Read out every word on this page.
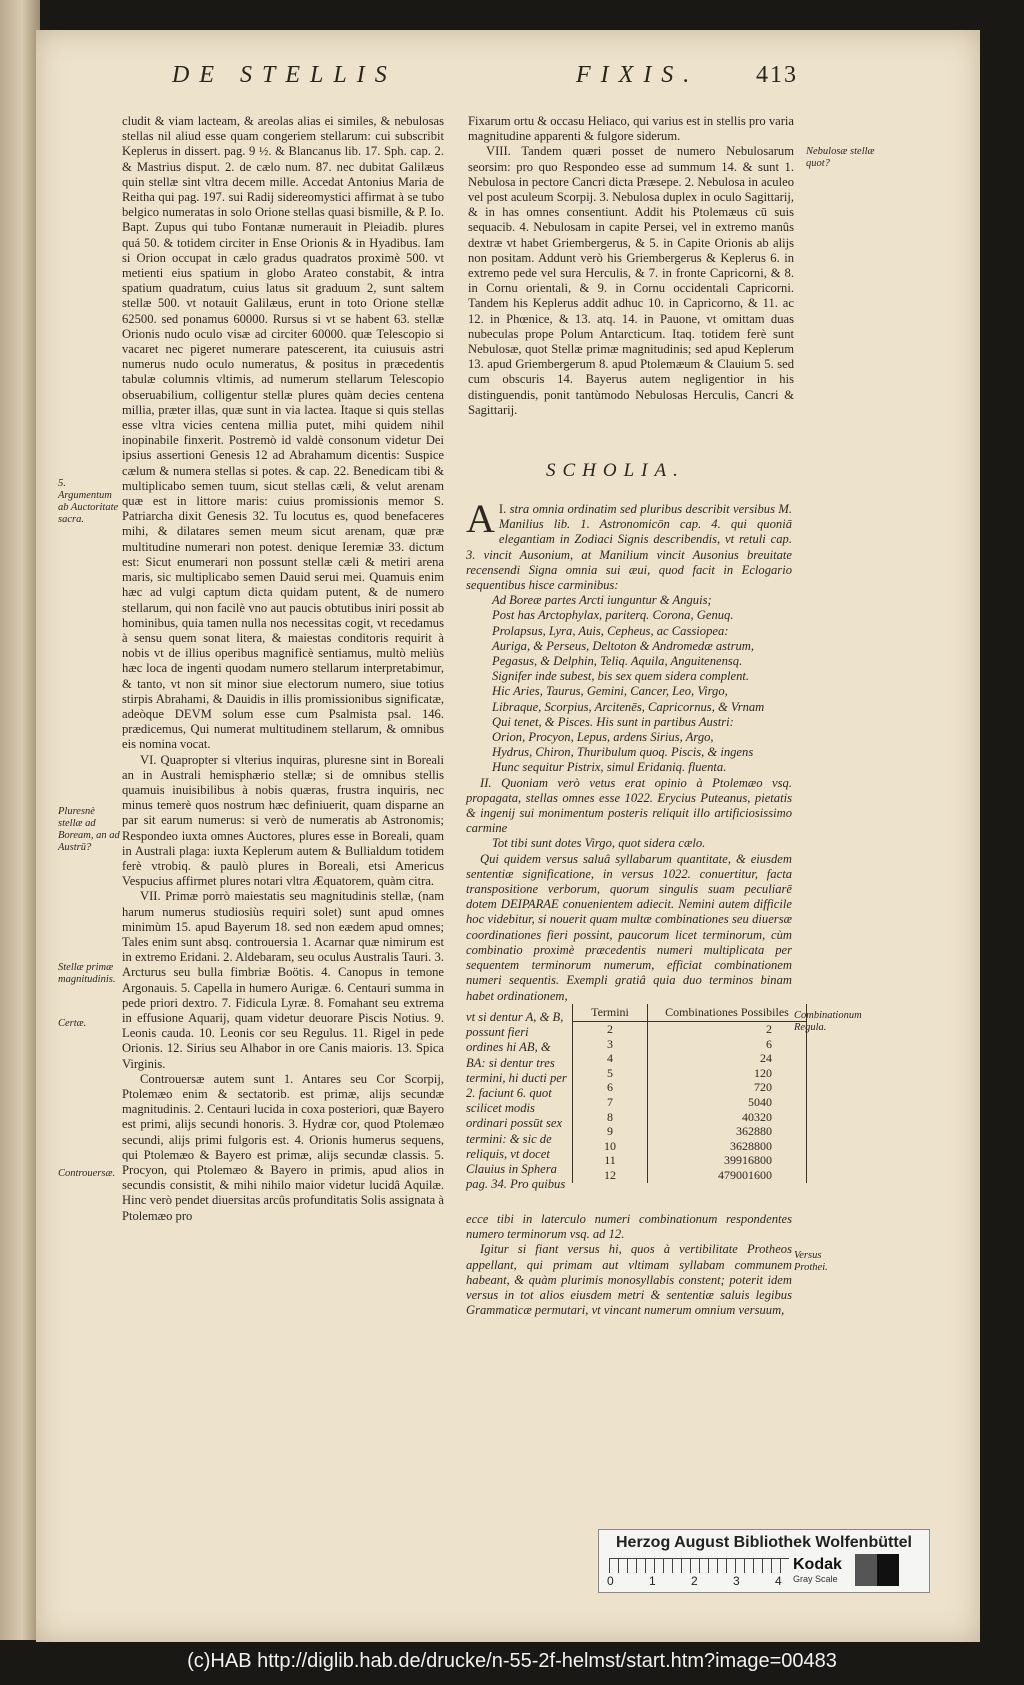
DE STELLIS	FIXIS. 413

cludit & viam lacteam, & areolas alias ei similes, & nebulosas stellas nil aliud esse quam congeriem stellarum: cui subscribit Keplerus in dissert. pag. 9 ½. & Blancanus lib. 17. Sph. cap. 2. & Mastrius disput. 2. de cælo num. 87. nec dubitat Galilæus quin stellæ sint vltra decem mille. Accedat Antonius Maria de Reitha qui pag. 197. sui Radij sidereomystici affirmat à se tubo belgico numeratas in solo Orione stellas quasi bismille, & P. Io. Bapt. Zupus qui tubo Fontanæ numerauit in Pleiadib. plures quá 50. & totidem circiter in Ense Orionis & in Hyadibus. Iam si Orion occupat in cælo gradus quadratos proximè 500. vt metienti eius spatium in globo Arateo constabit, & intra spatium quadratum, cuius latus sit graduum 2, sunt saltem stellæ 500. vt notauit Galilæus, erunt in toto Orione stellæ 62500. sed ponamus 60000. Rursus si vt se habent 63. stellæ Orionis nudo oculo visæ ad circiter 60000. quæ Telescopio si vacaret nec pigeret numerare patescerent, ita cuiusuis astri numerus nudo oculo numeratus, & positus in præcedentis tabulæ columnis vltimis, ad numerum stellarum Telescopio obseruabilium, colligentur stellæ plures quàm decies centena millia, præter illas, quæ sunt in via lactea. Itaque si quis stellas esse vltra vicies centena millia putet, mihi quidem nihil inopinabile finxerit. Postremò id valdè consonum videtur Dei ipsius assertioni Genesis 12 ad Abrahamum dicentis: Suspice cælum & numera stellas si potes. & cap. 22. Benedicam tibi & multiplicabo semen tuum, sicut stellas cæli, & velut arenam quæ est in littore maris: cuius promissionis memor S. Patriarcha dixit Genesis 32. Tu locutus es, quod benefaceres mihi, & dilatares semen meum sicut arenam, quæ præ multitudine numerari non potest. denique Ieremiæ 33. dictum est: Sicut enumerari non possunt stellæ cæli & metiri arena maris, sic multiplicabo semen Dauid serui mei. Quamuis enim hæc ad vulgi captum dicta quidam putent, & de numero stellarum, qui non facilè vno aut paucis obtutibus iniri possit ab hominibus, quia tamen nulla nos necessitas cogit, vt recedamus à sensu quem sonat litera, & maiestas conditoris requirit à nobis vt de illius operibus magnificè sentiamus, multò meliùs hæc loca de ingenti quodam numero stellarum interpretabimur, & tanto, vt non sit minor siue electorum numero, siue totius stirpis Abrahami, & Dauidis in illis promissionibus significatæ, adeòque DEVM solum esse cum Psalmista psal. 146. prædicemus, Qui numerat multitudinem stellarum, & omnibus eis nomina vocat.

VI. Quapropter si vlterius inquiras, pluresne sint in Boreali an in Australi hemisphærio stellæ; si de omnibus stellis quamuis inuisibilibus à nobis quæras, frustra inquiris, nec minus temerè quos nostrum hæc definiuerit, quam disparne an par sit earum numerus: si verò de numeratis ab Astronomis; Respondeo iuxta omnes Auctores, plures esse in Boreali, quam in Australi plaga: iuxta Keplerum autem & Bullialdum totidem ferè vtrobiq. & paulò plures in Boreali, etsi Americus Vespucius affirmet plures notari vltra Æquatorem, quàm citra.

VII. Primæ porrò maiestatis seu magnitudinis stellæ, (nam harum numerus studiosiùs requiri solet) sunt apud omnes minimùm 15. apud Bayerum 18. sed non eædem apud omnes; Tales enim sunt absq. controuersia 1. Acarnar quæ nimirum est in extremo Eridani. 2. Aldebaram, seu oculus Australis Tauri. 3. Arcturus seu bulla fimbriæ Boötis. 4. Canopus in temone Argonauis. 5. Capella in humero Aurigæ. 6. Centauri summa in pede priori dextro. 7. Fidicula Lyræ. 8. Fomahant seu extrema in effusione Aquarij, quam videtur deuorare Piscis Notius. 9. Leonis cauda. 10. Leonis cor seu Regulus. 11. Rigel in pede Orionis. 12. Sirius seu Alhabor in ore Canis maioris. 13. Spica Virginis.

Controuersæ autem sunt 1. Antares seu Cor Scorpij, Ptolemæo enim & sectatorib. est primæ, alijs secundæ magnitudinis. 2. Centauri lucida in coxa posteriori, quæ Bayero est primi, alijs secundi honoris. 3. Hydræ cor, quod Ptolemæo secundi, alijs primi fulgoris est. 4. Orionis humerus sequens, qui Ptolemæo & Bayero est primæ, alijs secundæ classis. 5. Procyon, qui Ptolemæo & Bayero in primis, apud alios in secundis consistit, & mihi nihilo maior videtur lucidâ Aquilæ. Hinc verò pendet diuersitas arcûs profunditatis Solis assignata à Ptolemæo pro

5. Argumentum ab Auctoritate sacra.
Pluresnè stellæ ad Boream, an ad Austrū?
Stellæ primæ magnitudinis.
Certæ.
Controuersæ.

Fixarum ortu & occasu Heliaco, qui varius est in stellis pro varia magnitudine apparenti & fulgore siderum.

VIII. Tandem quæri posset de numero Nebulosarum seorsim: pro quo Respondeo esse ad summum 14. & sunt 1. Nebulosa in pectore Cancri dicta Præsepe. 2. Nebulosa in aculeo vel post aculeum Scorpij. 3. Nebulosa duplex in oculo Sagittarij, & in has omnes consentiunt. Addit his Ptolemæus cū suis sequacib. 4. Nebulosam in capite Persei, vel in extremo manûs dextræ vt habet Griembergerus, & 5. in Capite Orionis ab alijs non positam. Addunt verò his Griembergerus & Keplerus 6. in extremo pede vel sura Herculis, & 7. in fronte Capricorni, & 8. in Cornu orientali, & 9. in Cornu occidentali Capricorni. Tandem his Keplerus addit adhuc 10. in Capricorno, & 11. ac 12. in Phœnice, & 13. atq. 14. in Pauone, vt omittam duas nubeculas prope Polum Antarcticum. Itaq. totidem ferè sunt Nebulosæ, quot Stellæ primæ magnitudinis; sed apud Keplerum 13. apud Griembergerum 8. apud Ptolemæum & Clauium 5. sed cum obscuris 14. Bayerus autem negligentior in his distinguendis, ponit tantùmodo Nebulosas Herculis, Cancri & Sagittarij.

Nebulosæ stellæ quot?
SCHOLIA.

I.
A stra omnia ordinatim sed pluribus describit versibus M. Manilius lib. 1. Astronomicōn cap. 4. qui quoniā elegantiam in Zodiaci Signis describendis, vt retuli cap. 3. vincit Ausonium, at Manilium vincit Ausonius breuitate recensendi Signa omnia sui æui, quod facit in Eclogario sequentibus hisce carminibus:

Ad Boreæ partes Arcti iunguntur & Anguis;
Post has Arctophylax, pariterq. Corona, Genuq.
Prolapsus, Lyra, Auis, Cepheus, ac Cassiopea:
Auriga, & Perseus, Deltoton & Andromedæ astrum,
Pegasus, & Delphin, Teliq. Aquila, Anguitenensq.
Signifer inde subest, bis sex quem sidera complent.
Hic Aries, Taurus, Gemini, Cancer, Leo, Virgo,
Libraque, Scorpius, Arcitenēs, Capricornus, & Vrnam
Qui tenet, & Pisces. His sunt in partibus Austri:
Orion, Procyon, Lepus, ardens Sirius, Argo,
Hydrus, Chiron, Thuribulum quoq. Piscis, & ingens
Hunc sequitur Pistrix, simul Eridaniq. fluenta.

II. Quoniam verò vetus erat opinio à Ptolemæo vsq. propagata, stellas omnes esse 1022. Erycius Puteanus, pietatis & ingenij sui monimentum posteris reliquit illo artificiosissimo carmine

Tot tibi sunt dotes Virgo, quot sidera cælo.

Qui quidem versus saluâ syllabarum quantitate, & eiusdem sententiæ significatione, in versus 1022. conuertitur, facta transpositione verborum, quorum singulis suam peculiarē dotem DEIPARAE conuenientem adiecit. Nemini autem difficile hoc videbitur, si nouerit quam multæ combinationes seu diuersæ coordinationes fieri possint, paucorum licet terminorum, cùm combinatio proximè præcedentis numeri multiplicata per sequentem terminorum numerum, efficiat combinationem numeri sequentis. Exempli gratiâ quia duo terminos binam habet ordinationem,

vt si dentur A, & B, possunt fieri ordines hi AB, & BA: si dentur tres termini, hi ducti per 2. faciunt 6. quot scilicet modis ordinari possūt sex termini: & sic de reliquis, vt docet Clauius in Sphera pag. 34. Pro quibus
Termini	Combinationes Possibiles
2	2
3	6
4	24
5	120
6	720
7	5040
8	40320
9	362880
10	3628800
11	39916800
12	479001600
Combinationum Regula.

ecce tibi in laterculo numeri combinationum respondentes numero terminorum vsq. ad 12.

Igitur si fiant versus hi, quos à vertibilitate Protheos appellant, qui primam aut vltimam syllabam communem habeant, & quàm plurimis monosyllabis constent; poterit idem versus in tot alios eiusdem metri & sententiæ saluis legibus Grammaticæ permutari, vt vincant numerum omnium versuum,

Versus Prothei.
Herzog August Bibliothek Wolfenbüttel
0	1	2	3	4
Kodak
Gray Scale
(c)HAB http://diglib.hab.de/drucke/n-55-2f-helmst/start.htm?image=00483
